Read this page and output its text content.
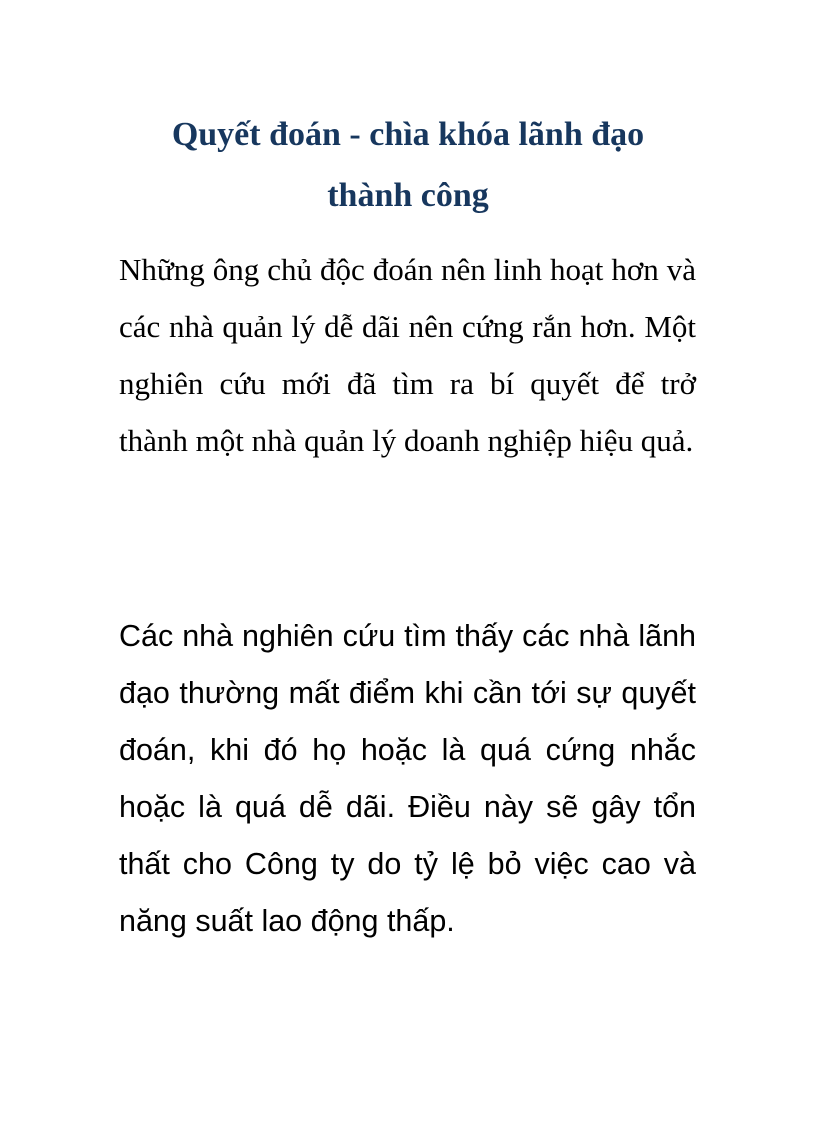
Quyết đoán - chìa khóa lãnh đạo
thành công

Những ông chủ độc đoán nên linh hoạt hơn và các nhà quản lý dễ dãi nên cứng rắn hơn. Một nghiên cứu mới đã tìm ra bí quyết để trở thành một nhà quản lý doanh nghiệp hiệu quả.

Các nhà nghiên cứu tìm thấy các nhà lãnh đạo thường mất điểm khi cần tới sự quyết đoán, khi đó họ hoặc là quá cứng nhắc hoặc là quá dễ dãi. Điều này sẽ gây tổn thất cho Công ty do tỷ lệ bỏ việc cao và năng suất lao động thấp.
